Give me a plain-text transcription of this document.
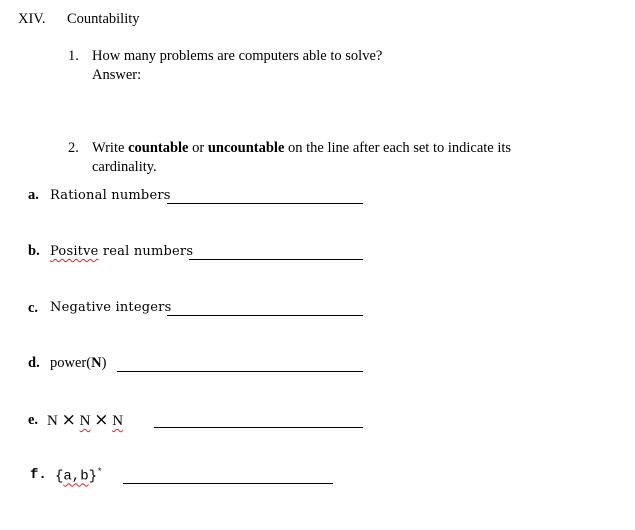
XIV. Countability
1. How many problems are computers able to solve?
Answer:
2. Write countable or uncountable on the line after each set to indicate its
cardinality.
a. Rational numbers
b. Positve real numbers
c. Negative integers
d. power(N)
e. N × N × N
f. {a,b}*
